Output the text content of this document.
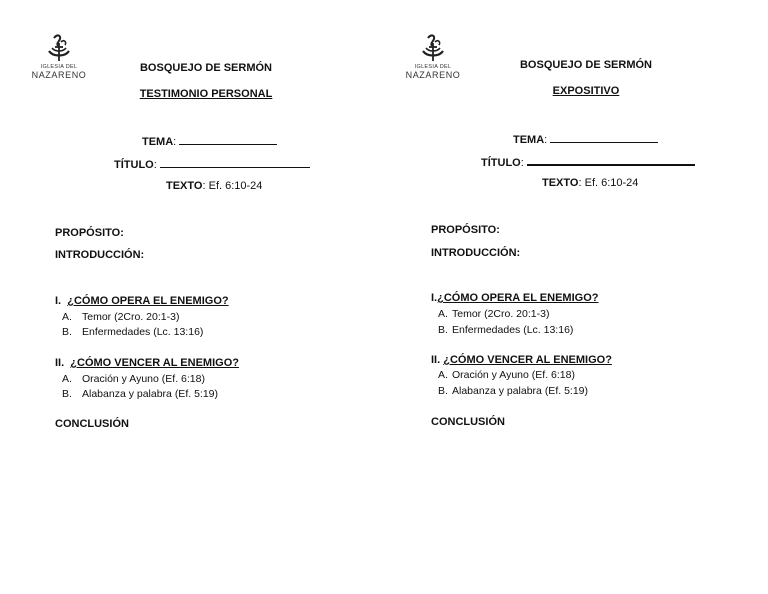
IGLESIA DEL
NAZARENO
BOSQUEJO DE SERMÓN
TESTIMONIO PERSONAL
TEMA:
TÍTULO:
TEXTO: Ef. 6:10-24
PROPÓSITO:
INTRODUCCIÓN:
I. ¿CÓMO OPERA EL ENEMIGO?
A. Temor (2Cro. 20:1-3)
B. Enfermedades (Lc. 13:16)
II. ¿CÓMO VENCER AL ENEMIGO?
A. Oración y Ayuno (Ef. 6:18)
B. Alabanza y palabra (Ef. 5:19)
CONCLUSIÓN
IGLESIA DEL
NAZARENO
BOSQUEJO DE SERMÓN
EXPOSITIVO
TEMA:
TÍTULO:
TEXTO: Ef. 6:10-24
PROPÓSITO:
INTRODUCCIÓN:
I.¿CÓMO OPERA EL ENEMIGO?
A. Temor (2Cro. 20:1-3)
B. Enfermedades (Lc. 13:16)
II. ¿CÓMO VENCER AL ENEMIGO?
A. Oración y Ayuno (Ef. 6:18)
B. Alabanza y palabra (Ef. 5:19)
CONCLUSIÓN
